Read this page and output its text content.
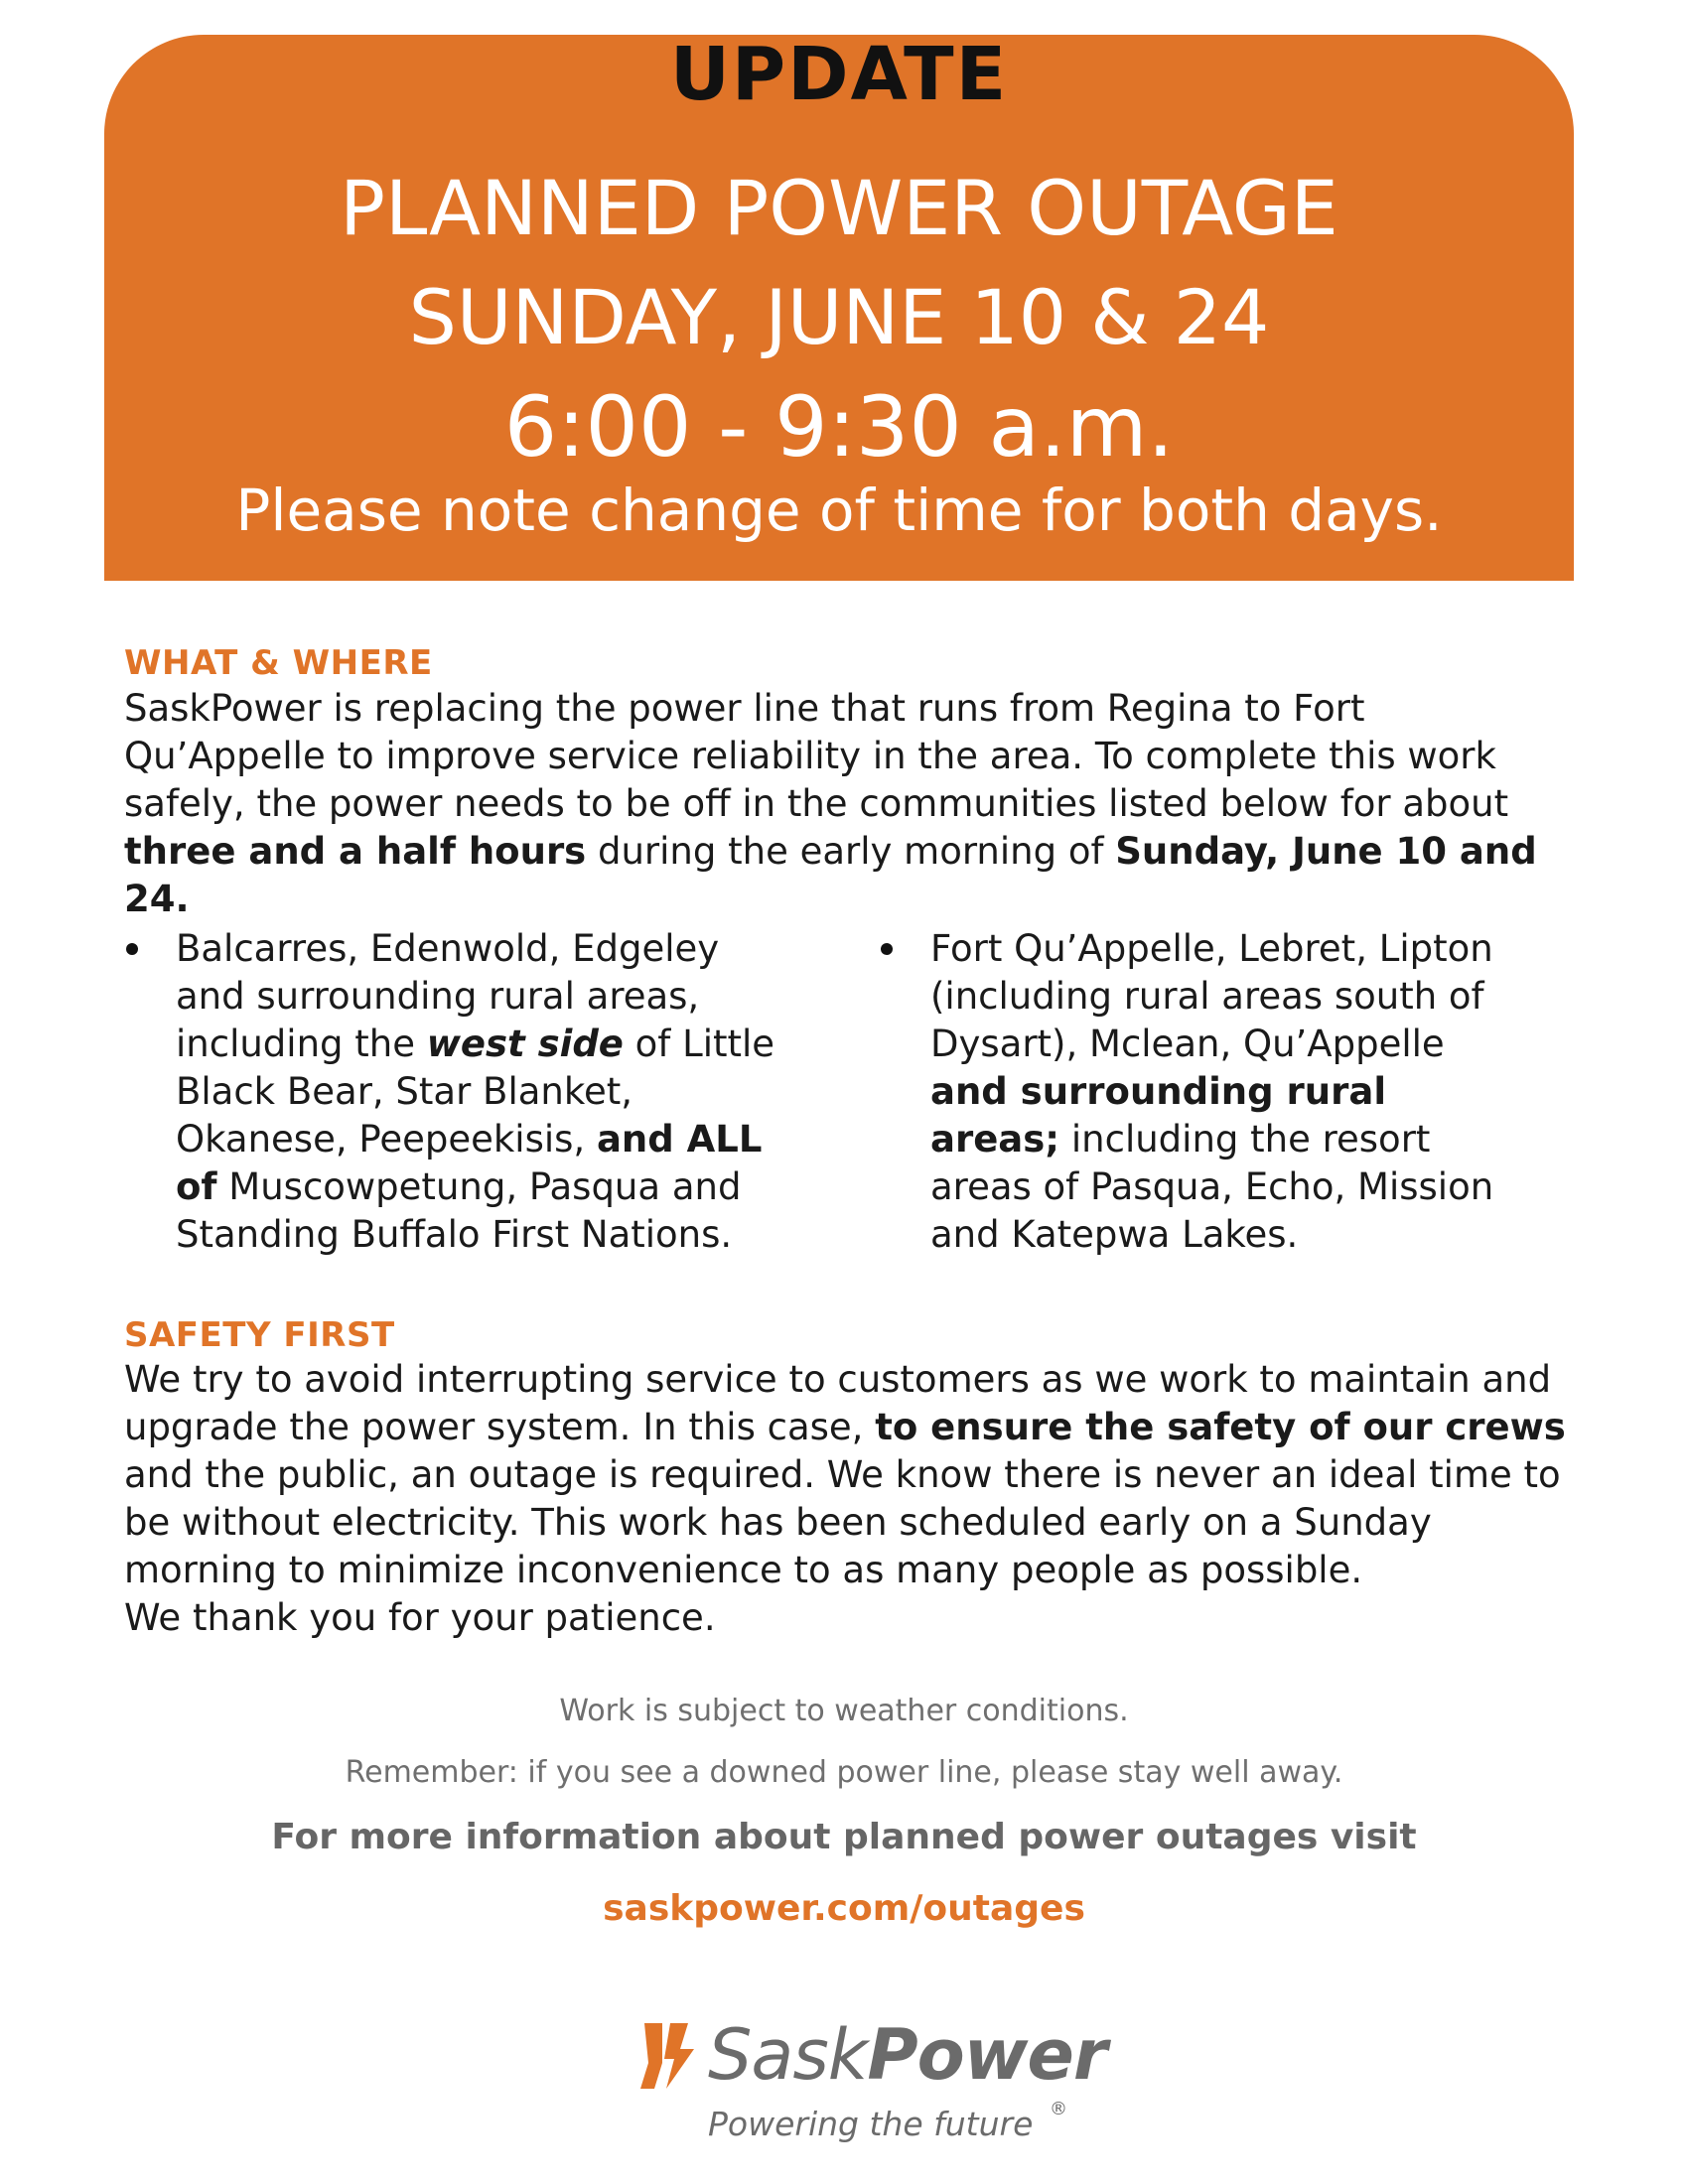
UPDATE
PLANNED POWER OUTAGE
SUNDAY, JUNE 10 & 24
6:00 - 9:30 a.m.
Please note change of time for both days.
WHAT & WHERE
SaskPower is replacing the power line that runs from Regina to Fort Qu’Appelle to improve service reliability in the area. To complete this work safely, the power needs to be off in the communities listed below for about three and a half hours during the early morning of Sunday, June 10 and 24.
Balcarres, Edenwold, Edgeley and surrounding rural areas, including the west side of Little Black Bear, Star Blanket, Okanese, Peepeekisis, and ALL of Muscowpetung, Pasqua and Standing Buffalo First Nations.
Fort Qu’Appelle, Lebret, Lipton (including rural areas south of Dysart), Mclean, Qu’Appelle and surrounding rural areas; including the resort areas of Pasqua, Echo, Mission and Katepwa Lakes.
SAFETY FIRST
We try to avoid interrupting service to customers as we work to maintain and upgrade the power system. In this case, to ensure the safety of our crews and the public, an outage is required. We know there is never an ideal time to be without electricity. This work has been scheduled early on a Sunday morning to minimize inconvenience to as many people as possible.
We thank you for your patience.
Work is subject to weather conditions.
Remember: if you see a downed power line, please stay well away.
For more information about planned power outages visit
saskpower.com/outages
SaskPower
Powering the future ®
